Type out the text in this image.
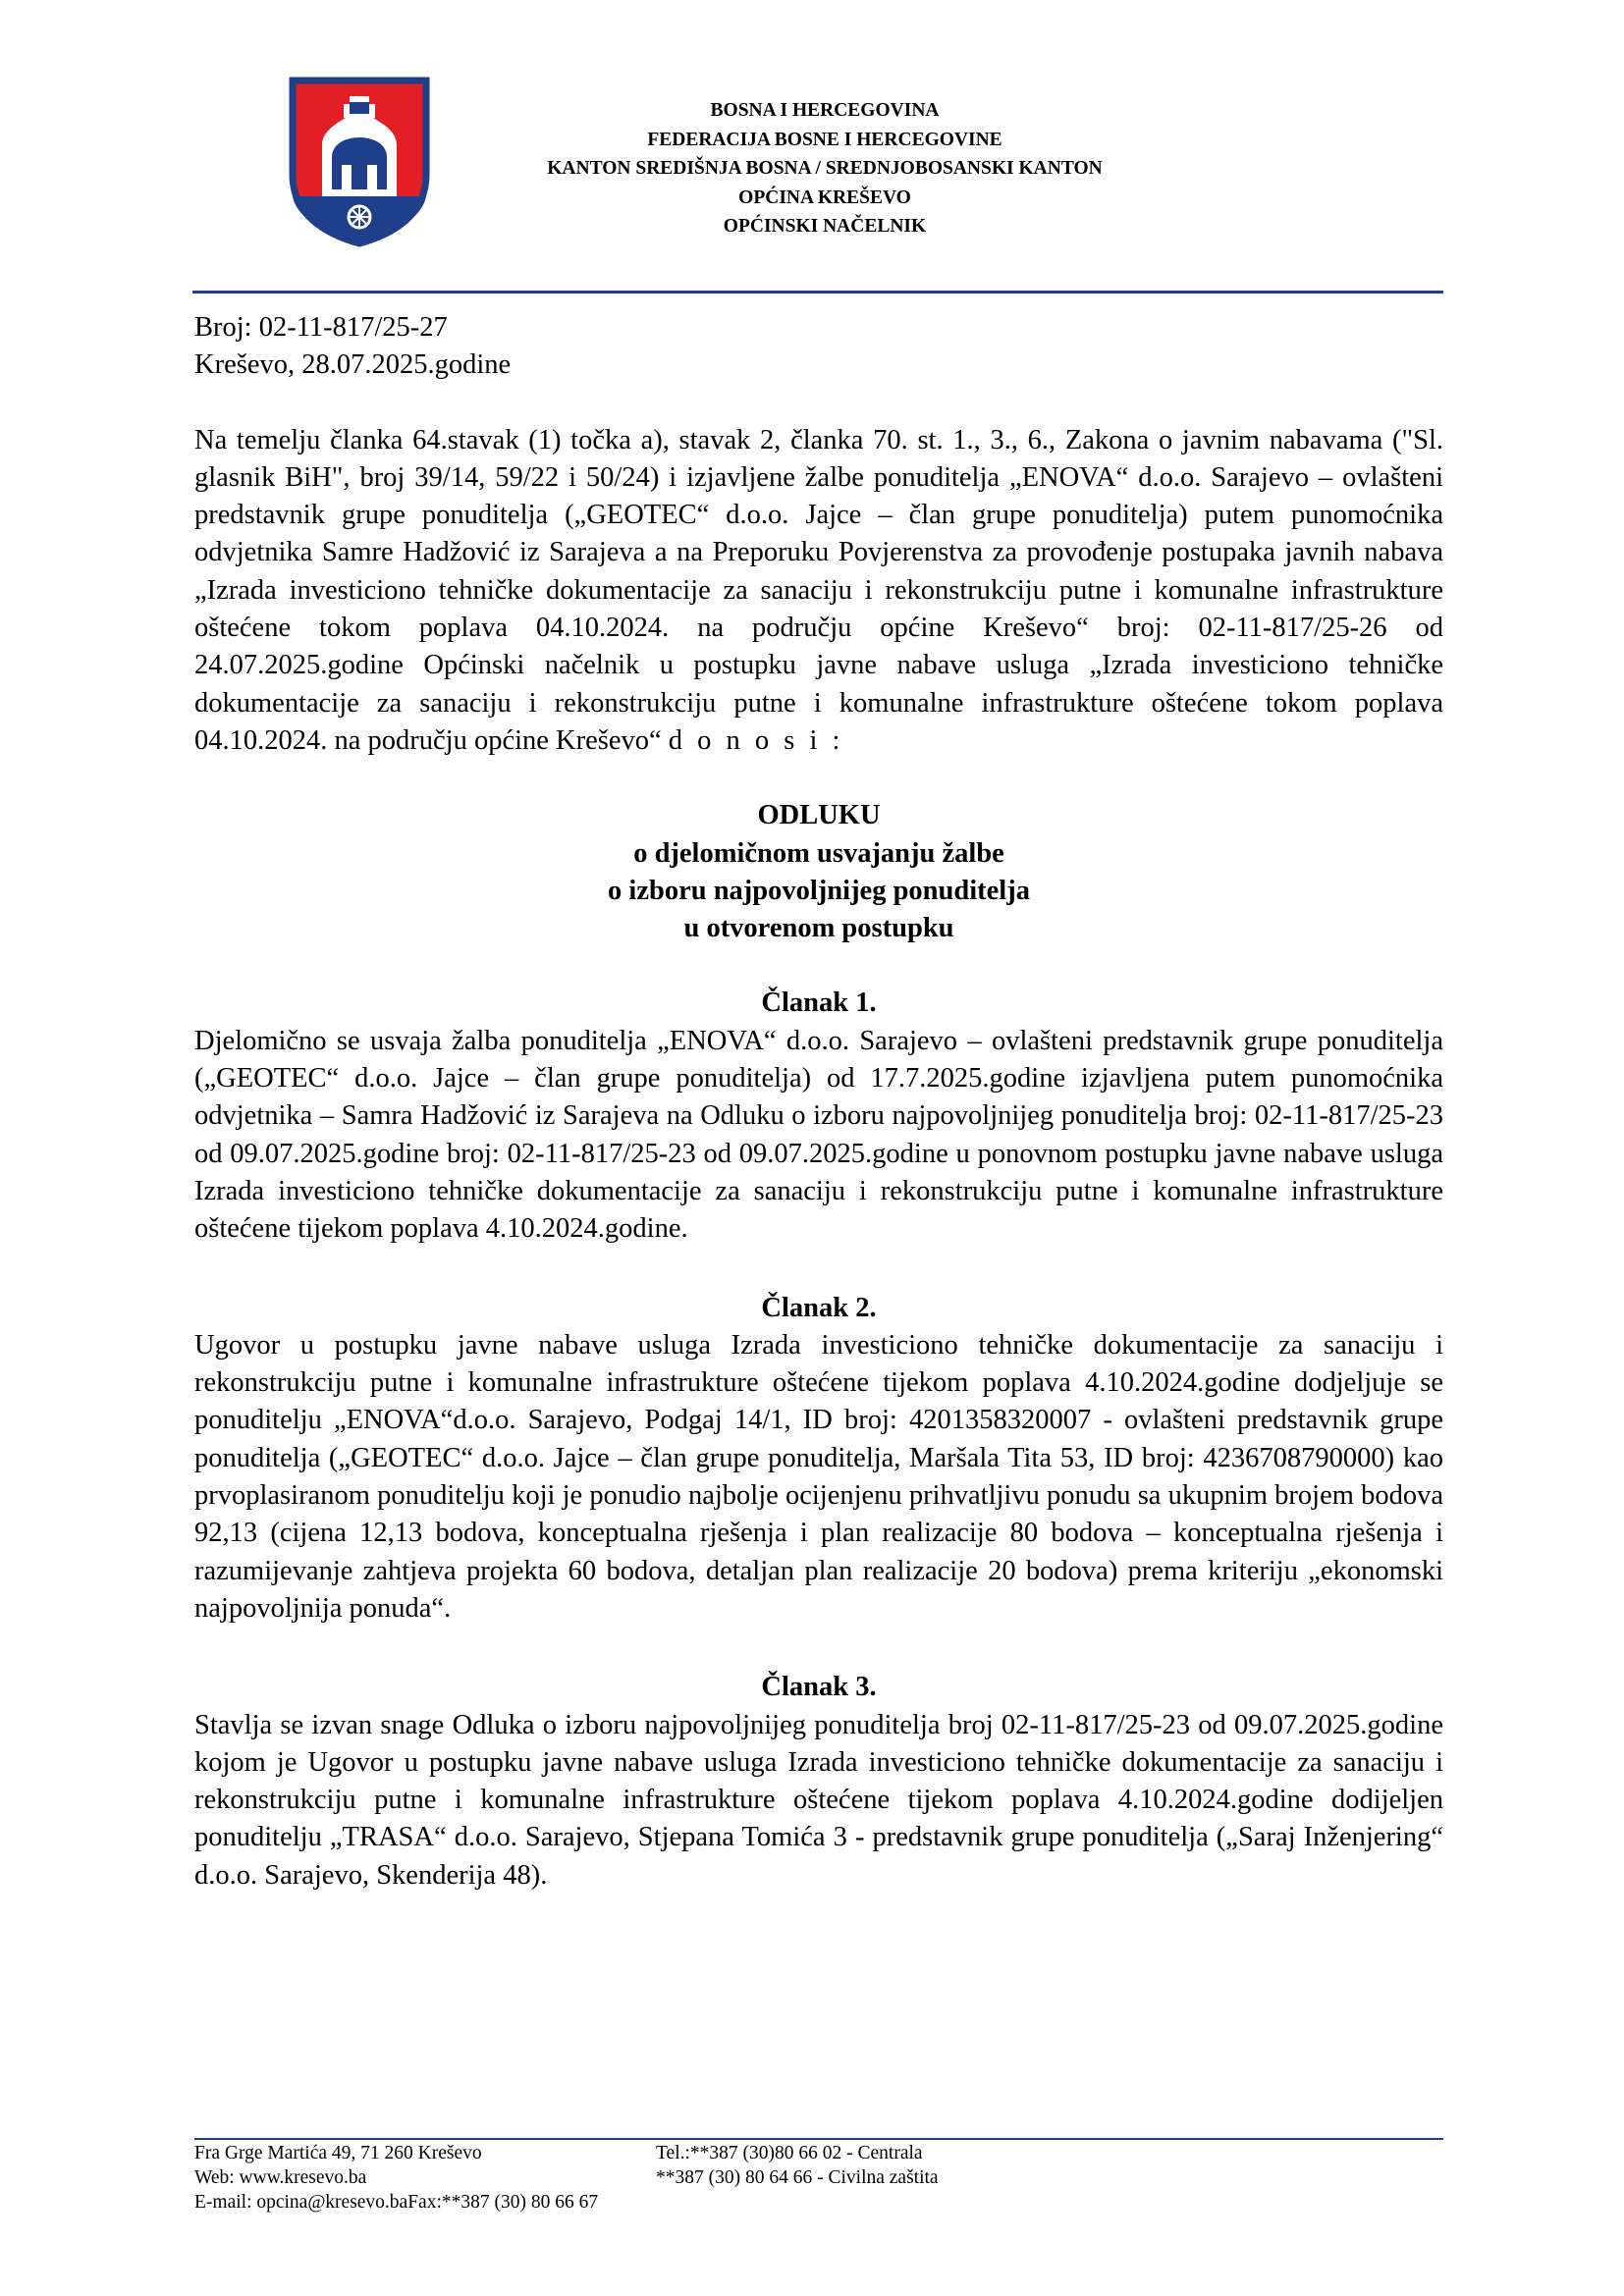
BOSNA I HERCEGOVINA
FEDERACIJA BOSNE I HERCEGOVINE
KANTON SREDIŠNJA BOSNA / SREDNJOBOSANSKI KANTON
OPĆINA KREŠEVO
OPĆINSKI NAČELNIK

Broj: 02-11-817/25-27

Kreševo, 28.07.2025.godine

Na temelju članka 64.stavak (1) točka a), stavak 2, članka 70. st. 1., 3., 6., Zakona o javnim nabavama ("Sl. glasnik BiH", broj 39/14, 59/22 i 50/24) i izjavljene žalbe ponuditelja „ENOVA“ d.o.o. Sarajevo – ovlašteni predstavnik grupe ponuditelja („GEOTEC“ d.o.o. Jajce – član grupe ponuditelja) putem punomoćnika odvjetnika Samre Hadžović iz Sarajeva a na Preporuku Povjerenstva za provođenje postupaka javnih nabava „Izrada investiciono tehničke dokumentacije za sanaciju i rekonstrukciju putne i komunalne infrastrukture oštećene tokom poplava 04.10.2024. na području općine Kreševo“ broj: 02-11-817/25-26 od 24.07.2025.godine Općinski načelnik u postupku javne nabave usluga „Izrada investiciono tehničke dokumentacije za sanaciju i rekonstrukciju putne i komunalne infrastrukture oštećene tokom poplava 04.10.2024. na području općine Kreševo“ d o n o s i :

ODLUKU
o djelomičnom usvajanju žalbe
o izboru najpovoljnijeg ponuditelja
u otvorenom postupku

Članak 1.

Djelomično se usvaja žalba ponuditelja „ENOVA“ d.o.o. Sarajevo – ovlašteni predstavnik grupe ponuditelja („GEOTEC“ d.o.o. Jajce – član grupe ponuditelja) od 17.7.2025.godine izjavljena putem punomoćnika odvjetnika – Samra Hadžović iz Sarajeva na Odluku o izboru najpovoljnijeg ponuditelja broj: 02-11-817/25-23 od 09.07.2025.godine broj: 02-11-817/25-23 od 09.07.2025.godine u ponovnom postupku javne nabave usluga Izrada investiciono tehničke dokumentacije za sanaciju i rekonstrukciju putne i komunalne infrastrukture oštećene tijekom poplava 4.10.2024.godine.

Članak 2.

Ugovor u postupku javne nabave usluga Izrada investiciono tehničke dokumentacije za sanaciju i rekonstrukciju putne i komunalne infrastrukture oštećene tijekom poplava 4.10.2024.godine dodjeljuje se ponuditelju „ENOVA“d.o.o. Sarajevo, Podgaj 14/1, ID broj: 4201358320007 - ovlašteni predstavnik grupe ponuditelja („GEOTEC“ d.o.o. Jajce – član grupe ponuditelja, Maršala Tita 53, ID broj: 4236708790000) kao prvoplasiranom ponuditelju koji je ponudio najbolje ocijenjenu prihvatljivu ponudu sa ukupnim brojem bodova 92,13 (cijena 12,13 bodova, konceptualna rješenja i plan realizacije 80 bodova – konceptualna rješenja i razumijevanje zahtjeva projekta 60 bodova, detaljan plan realizacije 20 bodova) prema kriteriju „ekonomski najpovoljnija ponuda“.

Članak 3.

Stavlja se izvan snage Odluka o izboru najpovoljnijeg ponuditelja broj 02-11-817/25-23 od 09.07.2025.godine kojom je Ugovor u postupku javne nabave usluga Izrada investiciono tehničke dokumentacije za sanaciju i rekonstrukciju putne i komunalne infrastrukture oštećene tijekom poplava 4.10.2024.godine dodijeljen ponuditelju „TRASA“ d.o.o. Sarajevo, Stjepana Tomića 3 - predstavnik grupe ponuditelja („Saraj Inženjering“ d.o.o. Sarajevo, Skenderija 48).

Fra Grge Martića 49, 71 260 Kreševo	Tel.:**387 (30)80 66 02 - Centrala
Web: www.kresevo.ba	**387 (30) 80 64 66 - Civilna zaštita
E-mail: opcina@kresevo.baFax:**387 (30) 80 66 67
